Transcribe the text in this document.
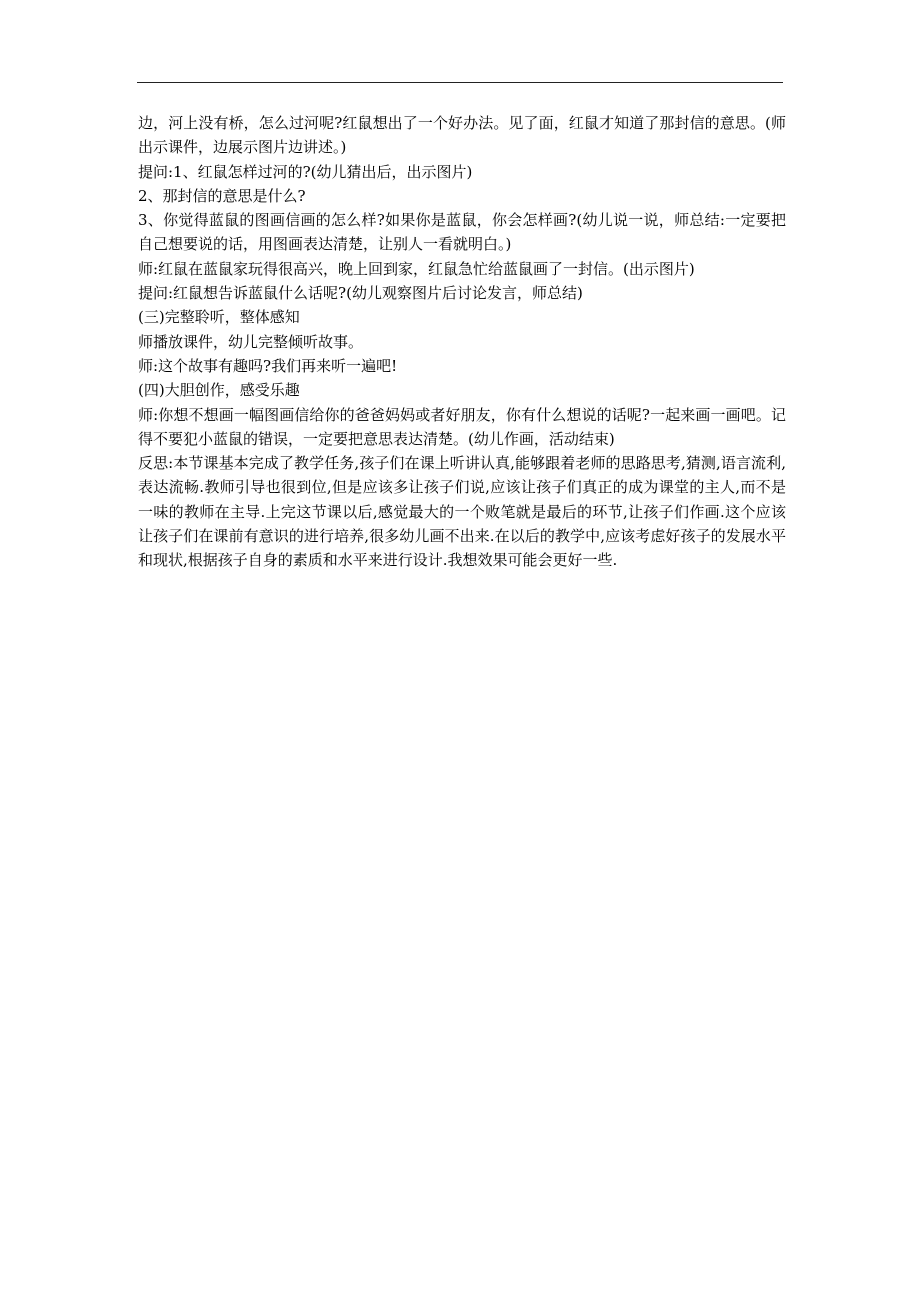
边，河上没有桥，怎么过河呢?红鼠想出了一个好办法。见了面，红鼠才知道了那封信的意思。(师出示课件，边展示图片边讲述。)

提问:1、红鼠怎样过河的?(幼儿猜出后，出示图片)

2、那封信的意思是什么?

3、你觉得蓝鼠的图画信画的怎么样?如果你是蓝鼠，你会怎样画?(幼儿说一说，师总结:一定要把自己想要说的话，用图画表达清楚，让别人一看就明白。)

师:红鼠在蓝鼠家玩得很高兴，晚上回到家，红鼠急忙给蓝鼠画了一封信。(出示图片)

提问:红鼠想告诉蓝鼠什么话呢?(幼儿观察图片后讨论发言，师总结)

(三)完整聆听，整体感知

师播放课件，幼儿完整倾听故事。

师:这个故事有趣吗?我们再来听一遍吧!

(四)大胆创作，感受乐趣

师:你想不想画一幅图画信给你的爸爸妈妈或者好朋友，你有什么想说的话呢?一起来画一画吧。记得不要犯小蓝鼠的错误，一定要把意思表达清楚。(幼儿作画，活动结束)

反思:本节课基本完成了教学任务,孩子们在课上听讲认真,能够跟着老师的思路思考,猜测,语言流利,表达流畅.教师引导也很到位,但是应该多让孩子们说,应该让孩子们真正的成为课堂的主人,而不是一味的教师在主导.上完这节课以后,感觉最大的一个败笔就是最后的环节,让孩子们作画.这个应该让孩子们在课前有意识的进行培养,很多幼儿画不出来.在以后的教学中,应该考虑好孩子的发展水平和现状,根据孩子自身的素质和水平来进行设计.我想效果可能会更好一些.
